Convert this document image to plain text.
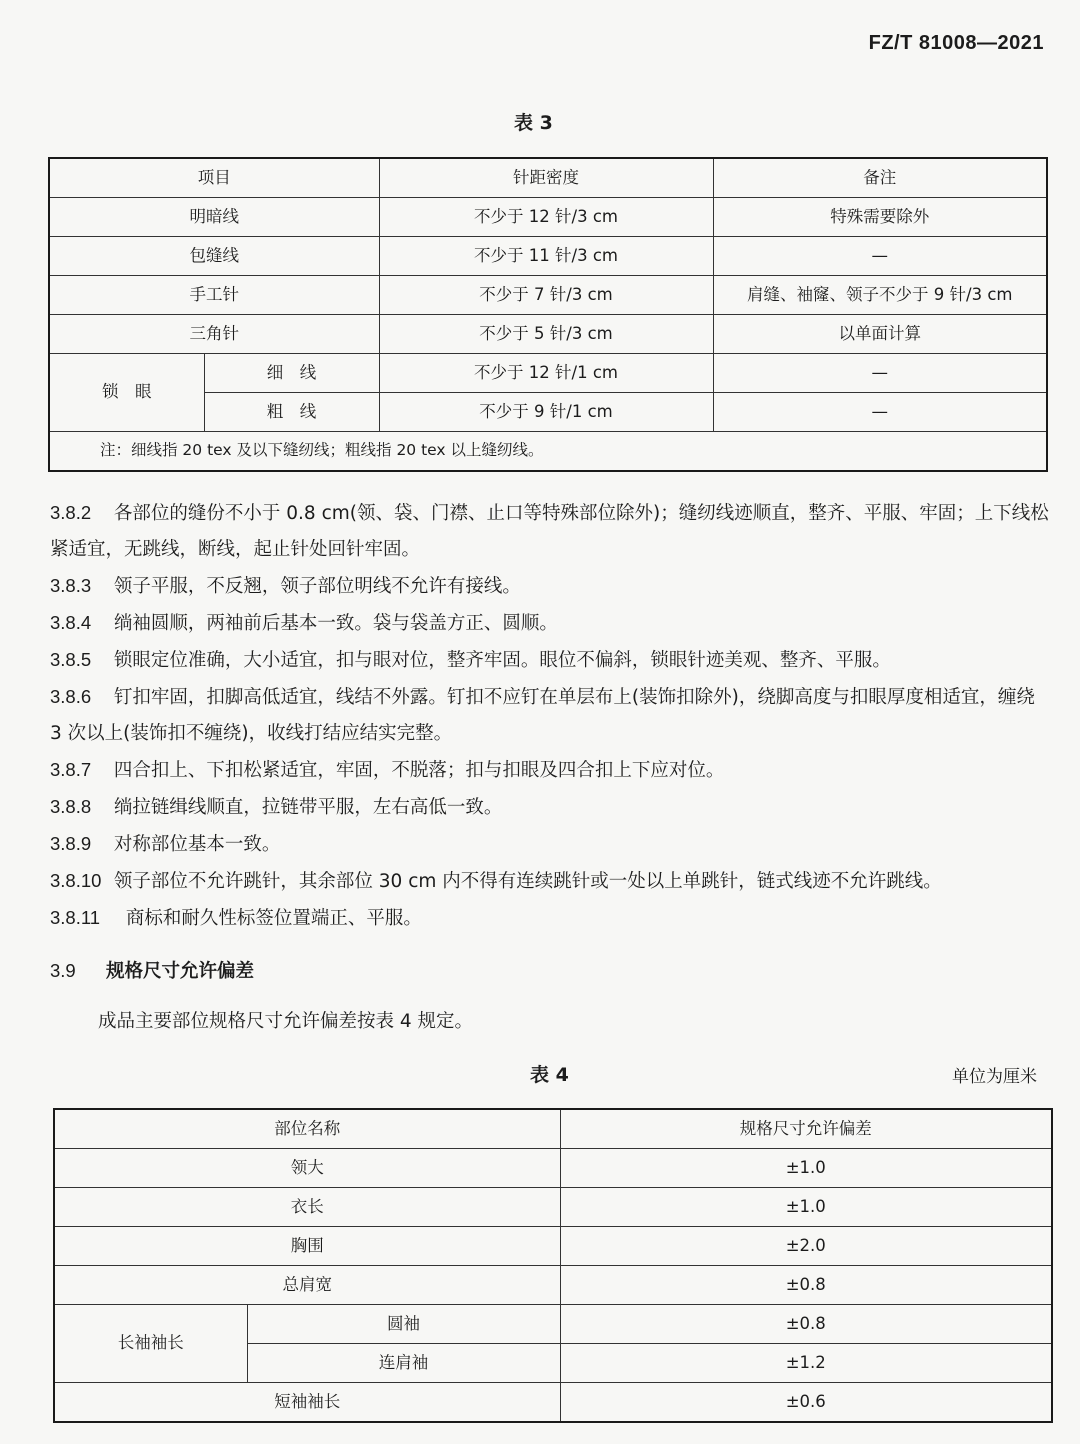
FZ/T 81008—2021
表 3
项目		针距密度	备注
明暗线		不少于 12 针/3 cm	特殊需要除外
包缝线		不少于 11 针/3 cm	—
手工针		不少于 7 针/3 cm	肩缝、袖窿、领子不少于 9 针/3 cm
三角针		不少于 5 针/3 cm	以单面计算
锁　眼	细　线	不少于 12 针/1 cm	—
	粗　线	不少于 9 针/1 cm	—
注：细线指 20 tex 及以下缝纫线；粗线指 20 tex 以上缝纫线。			

3.8.2 各部位的缝份不小于 0.8 cm(领、袋、门襟、止口等特殊部位除外)；缝纫线迹顺直，整齐、平服、牢固；上下线松紧适宜，无跳线，断线，起止针处回针牢固。

3.8.3 领子平服，不反翘，领子部位明线不允许有接线。

3.8.4 绱袖圆顺，两袖前后基本一致。袋与袋盖方正、圆顺。

3.8.5 锁眼定位准确，大小适宜，扣与眼对位，整齐牢固。眼位不偏斜，锁眼针迹美观、整齐、平服。

3.8.6 钉扣牢固，扣脚高低适宜，线结不外露。钉扣不应钉在单层布上(装饰扣除外)，绕脚高度与扣眼厚度相适宜，缠绕 3 次以上(装饰扣不缠绕)，收线打结应结实完整。

3.8.7 四合扣上、下扣松紧适宜，牢固，不脱落；扣与扣眼及四合扣上下应对位。

3.8.8 绱拉链缉线顺直，拉链带平服，左右高低一致。

3.8.9 对称部位基本一致。

3.8.10 领子部位不允许跳针，其余部位 30 cm 内不得有连续跳针或一处以上单跳针，链式线迹不允许跳线。

3.8.11 商标和耐久性标签位置端正、平服。

3.9 规格尺寸允许偏差

成品主要部位规格尺寸允许偏差按表 4 规定。

表 4	单位为厘米
部位名称		规格尺寸允许偏差
领大		±1.0
衣长		±1.0
胸围		±2.0
总肩宽		±0.8
长袖袖长	圆袖	±0.8
	连肩袖	±1.2
短袖袖长		±0.6
